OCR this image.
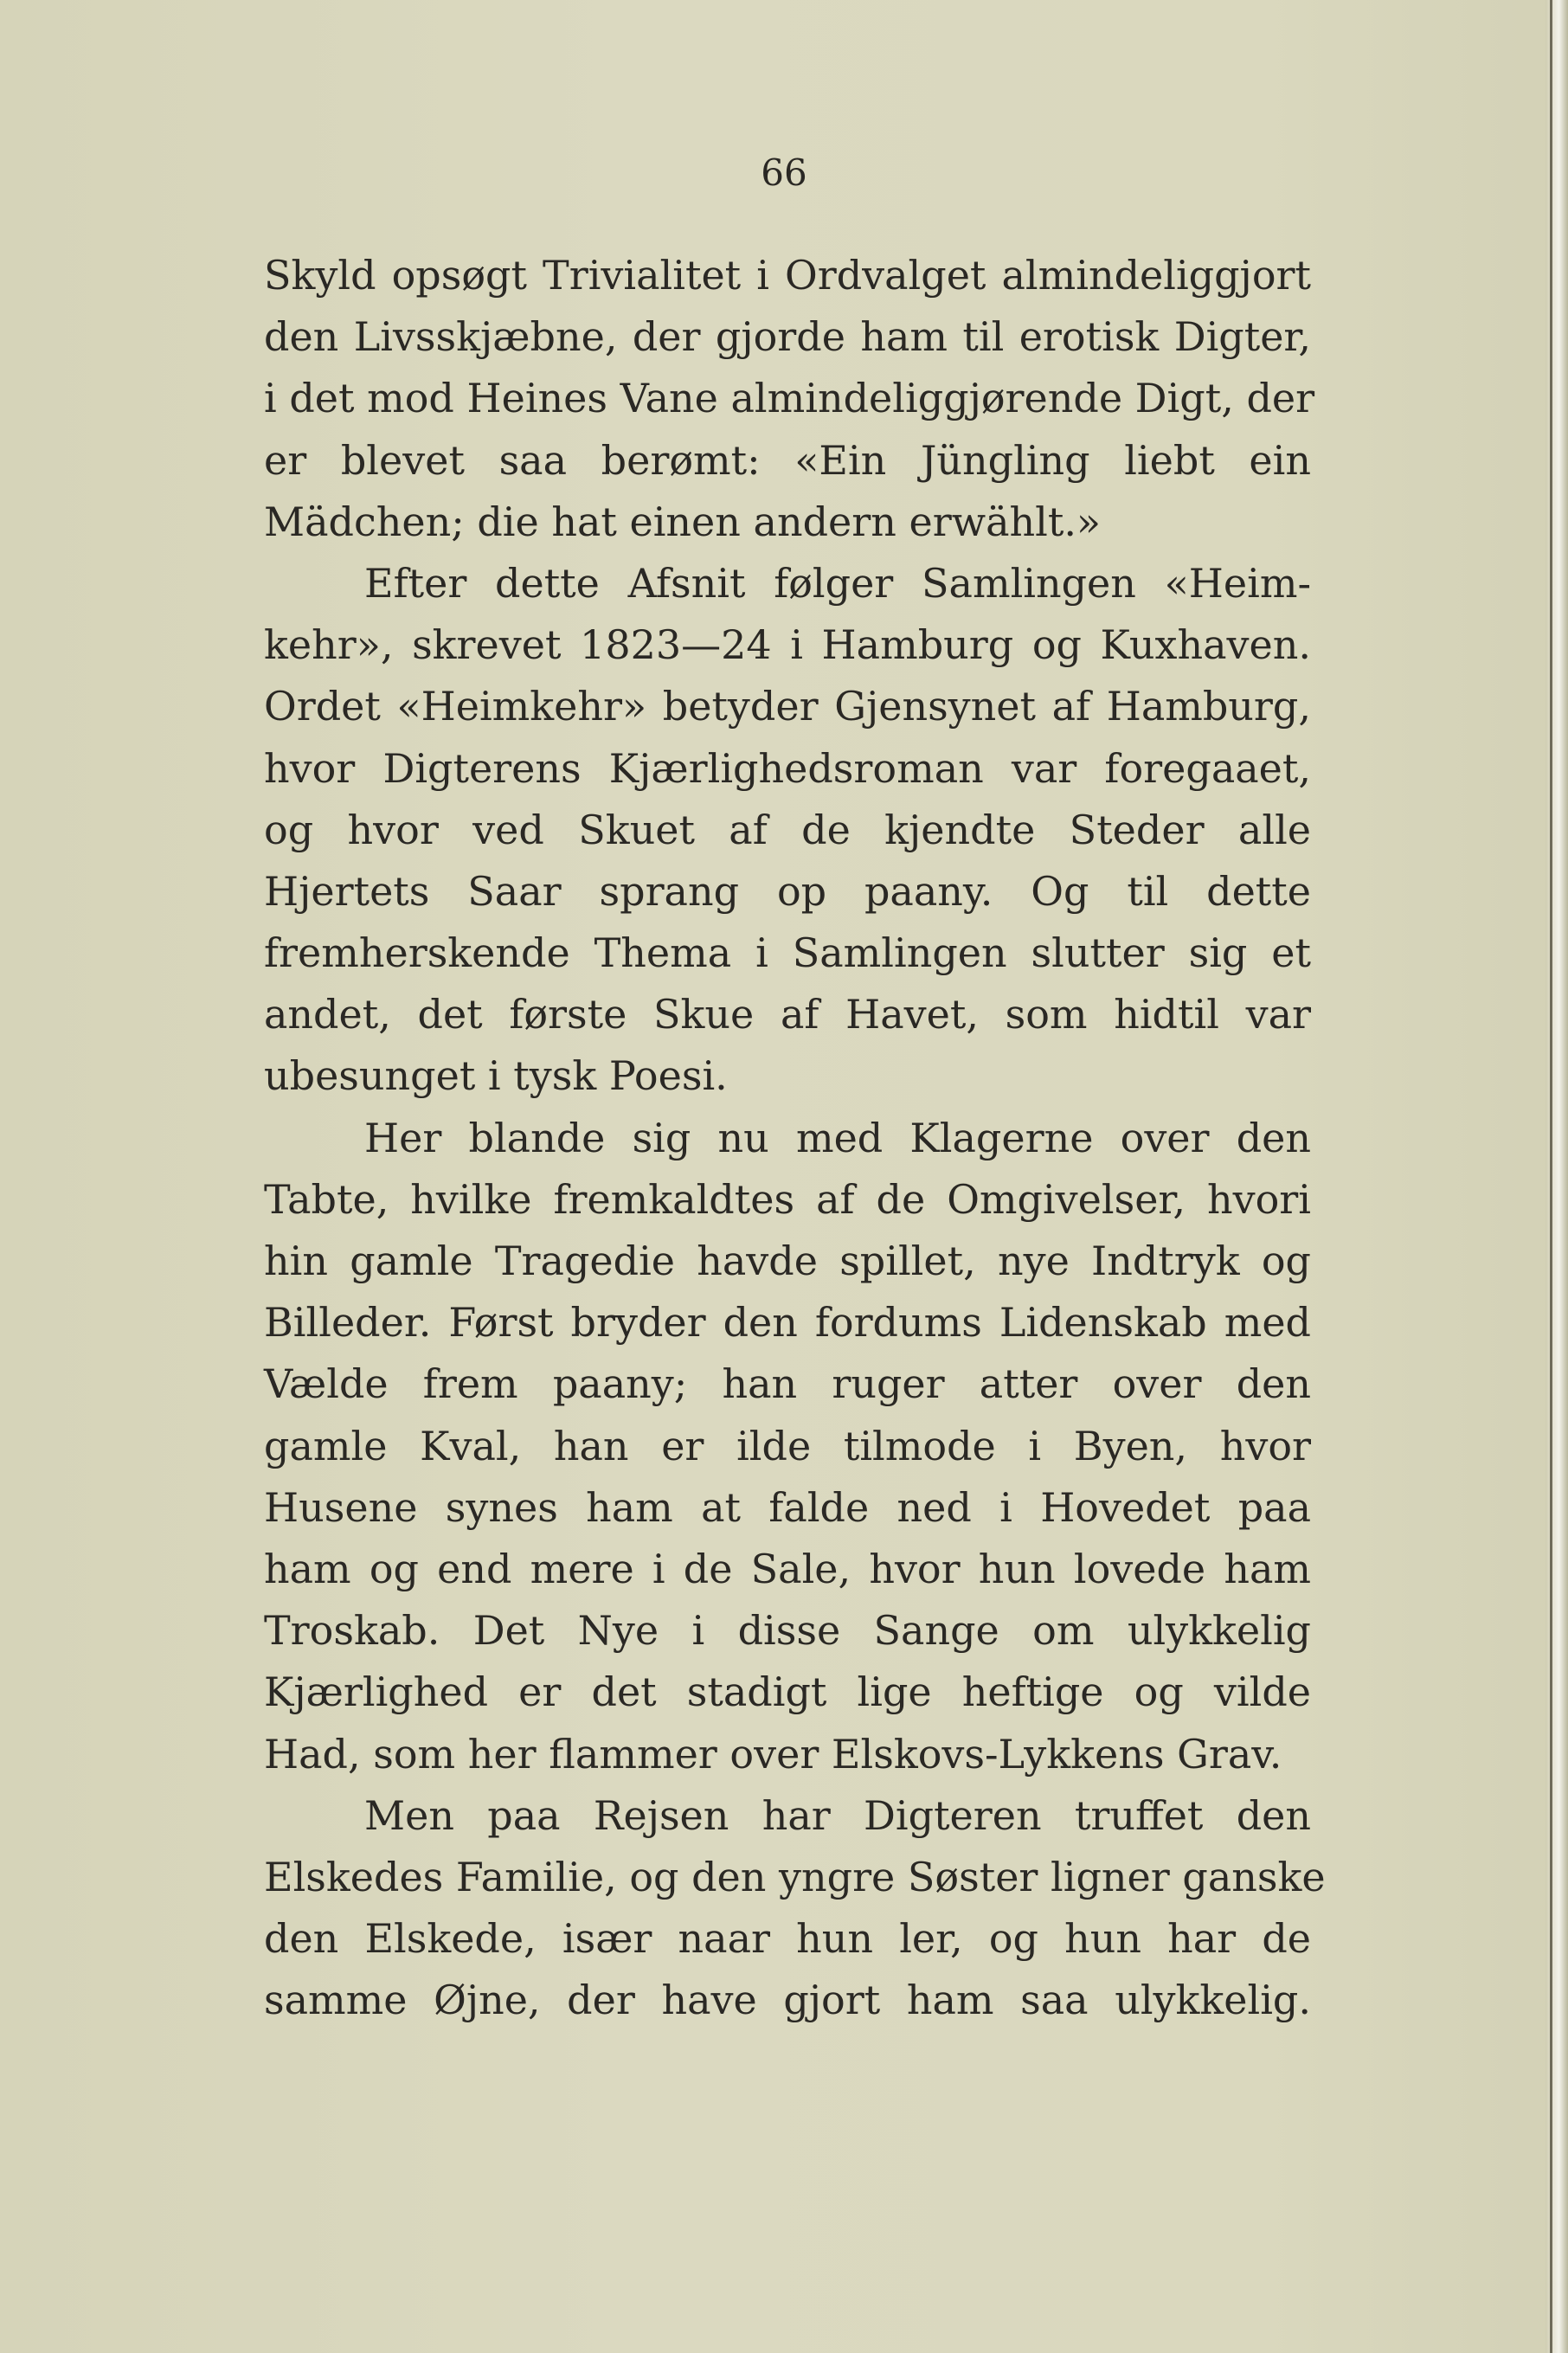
66
Skyld opsøgt Trivialitet i Ordvalget almindeliggjort
den Livsskjæbne, der gjorde ham til erotisk Digter,
i det mod Heines Vane almindeliggjørende Digt, der
er blevet saa berømt: «Ein Jüngling liebt ein
Mädchen; die hat einen andern erwählt.»
Efter dette Afsnit følger Samlingen «Heim-
kehr», skrevet 1823—24 i Hamburg og Kuxhaven.
Ordet «Heimkehr» betyder Gjensynet af Hamburg,
hvor Digterens Kjærlighedsroman var foregaaet,
og hvor ved Skuet af de kjendte Steder alle
Hjertets Saar sprang op paany. Og til dette
fremherskende Thema i Samlingen slutter sig et
andet, det første Skue af Havet, som hidtil var
ubesunget i tysk Poesi.
Her blande sig nu med Klagerne over den
Tabte, hvilke fremkaldtes af de Omgivelser, hvori
hin gamle Tragedie havde spillet, nye Indtryk og
Billeder. Først bryder den fordums Lidenskab med
Vælde frem paany; han ruger atter over den
gamle Kval, han er ilde tilmode i Byen, hvor
Husene synes ham at falde ned i Hovedet paa
ham og end mere i de Sale, hvor hun lovede ham
Troskab. Det Nye i disse Sange om ulykkelig
Kjærlighed er det stadigt lige heftige og vilde
Had, som her flammer over Elskovs-Lykkens Grav.
Men paa Rejsen har Digteren truffet den
Elskedes Familie, og den yngre Søster ligner ganske
den Elskede, især naar hun ler, og hun har de
samme Øjne, der have gjort ham saa ulykkelig.
